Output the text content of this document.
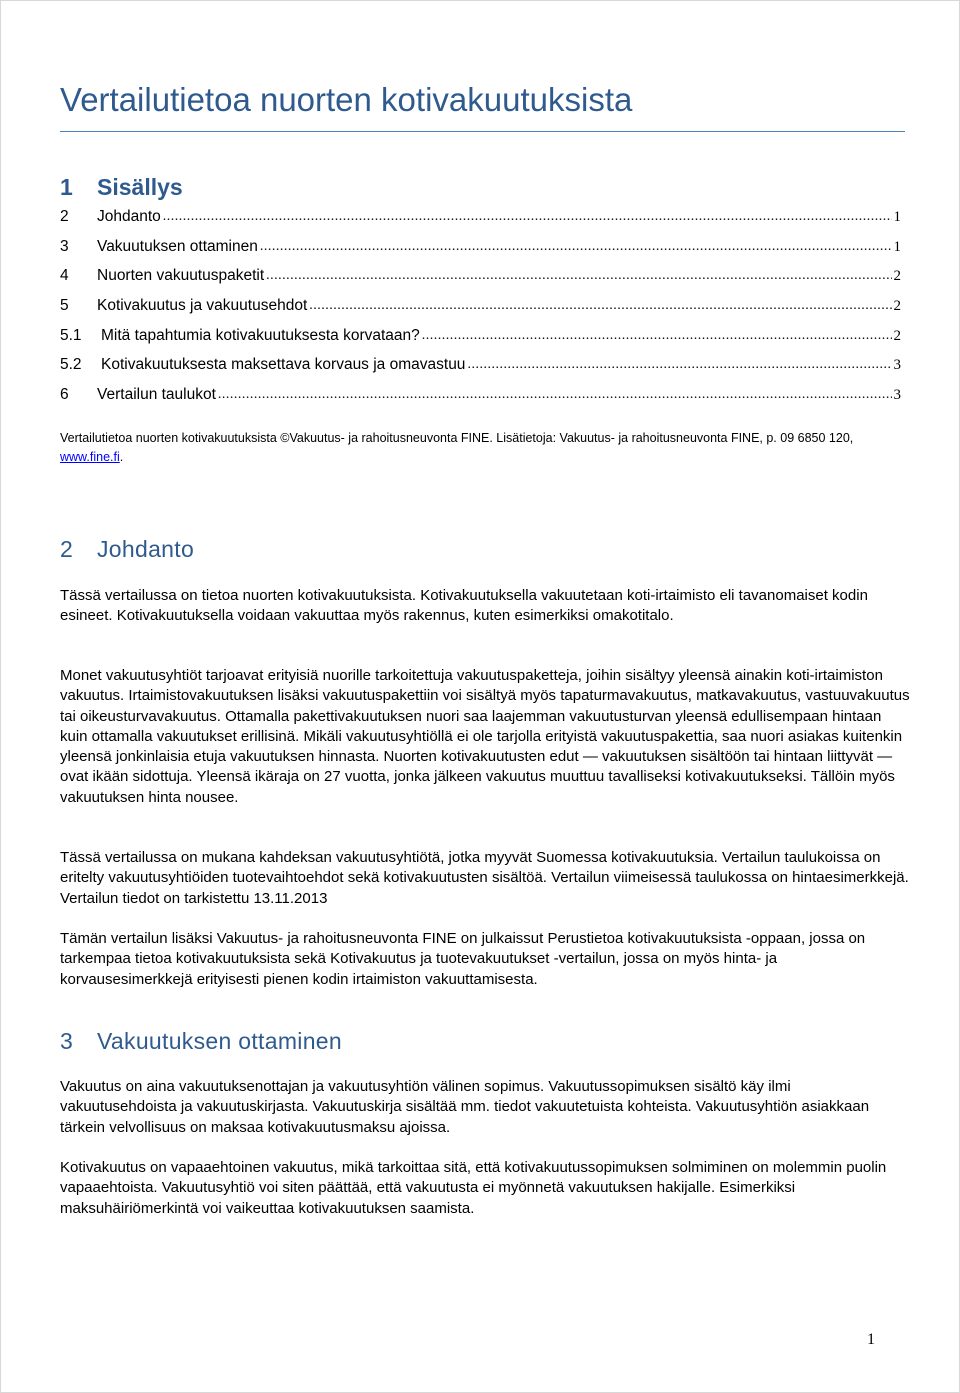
Vertailutietoa nuorten kotivakuutuksista
1 Sisällys
2	Johdanto .....	1
3	Vakuutuksen ottaminen .....	1
4	Nuorten vakuutuspaketit .....	2
5	Kotivakuutus ja vakuutusehdot .....	2
5.1	Mitä tapahtumia kotivakuutuksesta korvataan? .....	2
5.2	Kotivakuutuksesta maksettava korvaus ja omavastuu .....	3
6	Vertailun taulukot .....	3

Vertailutietoa nuorten kotivakuutuksista ©Vakuutus- ja rahoitusneuvonta FINE. Lisätietoja: Vakuutus- ja rahoitusneuvonta FINE, p. 09 6850 120, www.fine.fi.

2 Johdanto

Tässä vertailussa on tietoa nuorten kotivakuutuksista. Kotivakuutuksella vakuutetaan koti-irtaimisto eli tavanomaiset kodin esineet. Kotivakuutuksella voidaan vakuuttaa myös rakennus, kuten esimerkiksi omakotitalo.

Monet vakuutusyhtiöt tarjoavat erityisiä nuorille tarkoitettuja vakuutuspaketteja, joihin sisältyy yleensä ainakin koti-irtaimiston vakuutus. Irtaimistovakuutuksen lisäksi vakuutuspakettiin voi sisältyä myös tapaturmavakuutus, matkavakuutus, vastuuvakuutus tai oikeusturvavakuutus. Ottamalla pakettivakuutuksen nuori saa laajemman vakuutusturvan yleensä edullisempaan hintaan kuin ottamalla vakuutukset erillisinä. Mikäli vakuutusyhtiöllä ei ole tarjolla erityistä vakuutuspakettia, saa nuori asiakas kuitenkin yleensä jonkinlaisia etuja vakuutuksen hinnasta. Nuorten kotivakuutusten edut — vakuutuksen sisältöön tai hintaan liittyvät — ovat ikään sidottuja. Yleensä ikäraja on 27 vuotta, jonka jälkeen vakuutus muuttuu tavalliseksi kotivakuutukseksi. Tällöin myös vakuutuksen hinta nousee.

Tässä vertailussa on mukana kahdeksan vakuutusyhtiötä, jotka myyvät Suomessa kotivakuutuksia. Vertailun taulukoissa on eritelty vakuutusyhtiöiden tuotevaihtoehdot sekä kotivakuutusten sisältöä. Vertailun viimeisessä taulukossa on hintaesimerkkejä. Vertailun tiedot on tarkistettu 13.11.2013

Tämän vertailun lisäksi Vakuutus- ja rahoitusneuvonta FINE on julkaissut Perustietoa kotivakuutuksista -oppaan, jossa on tarkempaa tietoa kotivakuutuksista sekä Kotivakuutus ja tuotevakuutukset -vertailun, jossa on myös hinta- ja korvausesimerkkejä erityisesti pienen kodin irtaimiston vakuuttamisesta.

3 Vakuutuksen ottaminen

Vakuutus on aina vakuutuksenottajan ja vakuutusyhtiön välinen sopimus. Vakuutussopimuksen sisältö käy ilmi vakuutusehdoista ja vakuutuskirjasta. Vakuutuskirja sisältää mm. tiedot vakuutetuista kohteista. Vakuutusyhtiön asiakkaan tärkein velvollisuus on maksaa kotivakuutusmaksu ajoissa.

Kotivakuutus on vapaaehtoinen vakuutus, mikä tarkoittaa sitä, että kotivakuutussopimuksen solmiminen on molemmin puolin vapaaehtoista. Vakuutusyhtiö voi siten päättää, että vakuutusta ei myönnetä vakuutuksen hakijalle. Esimerkiksi maksuhäiriömerkintä voi vaikeuttaa kotivakuutuksen saamista.

1
